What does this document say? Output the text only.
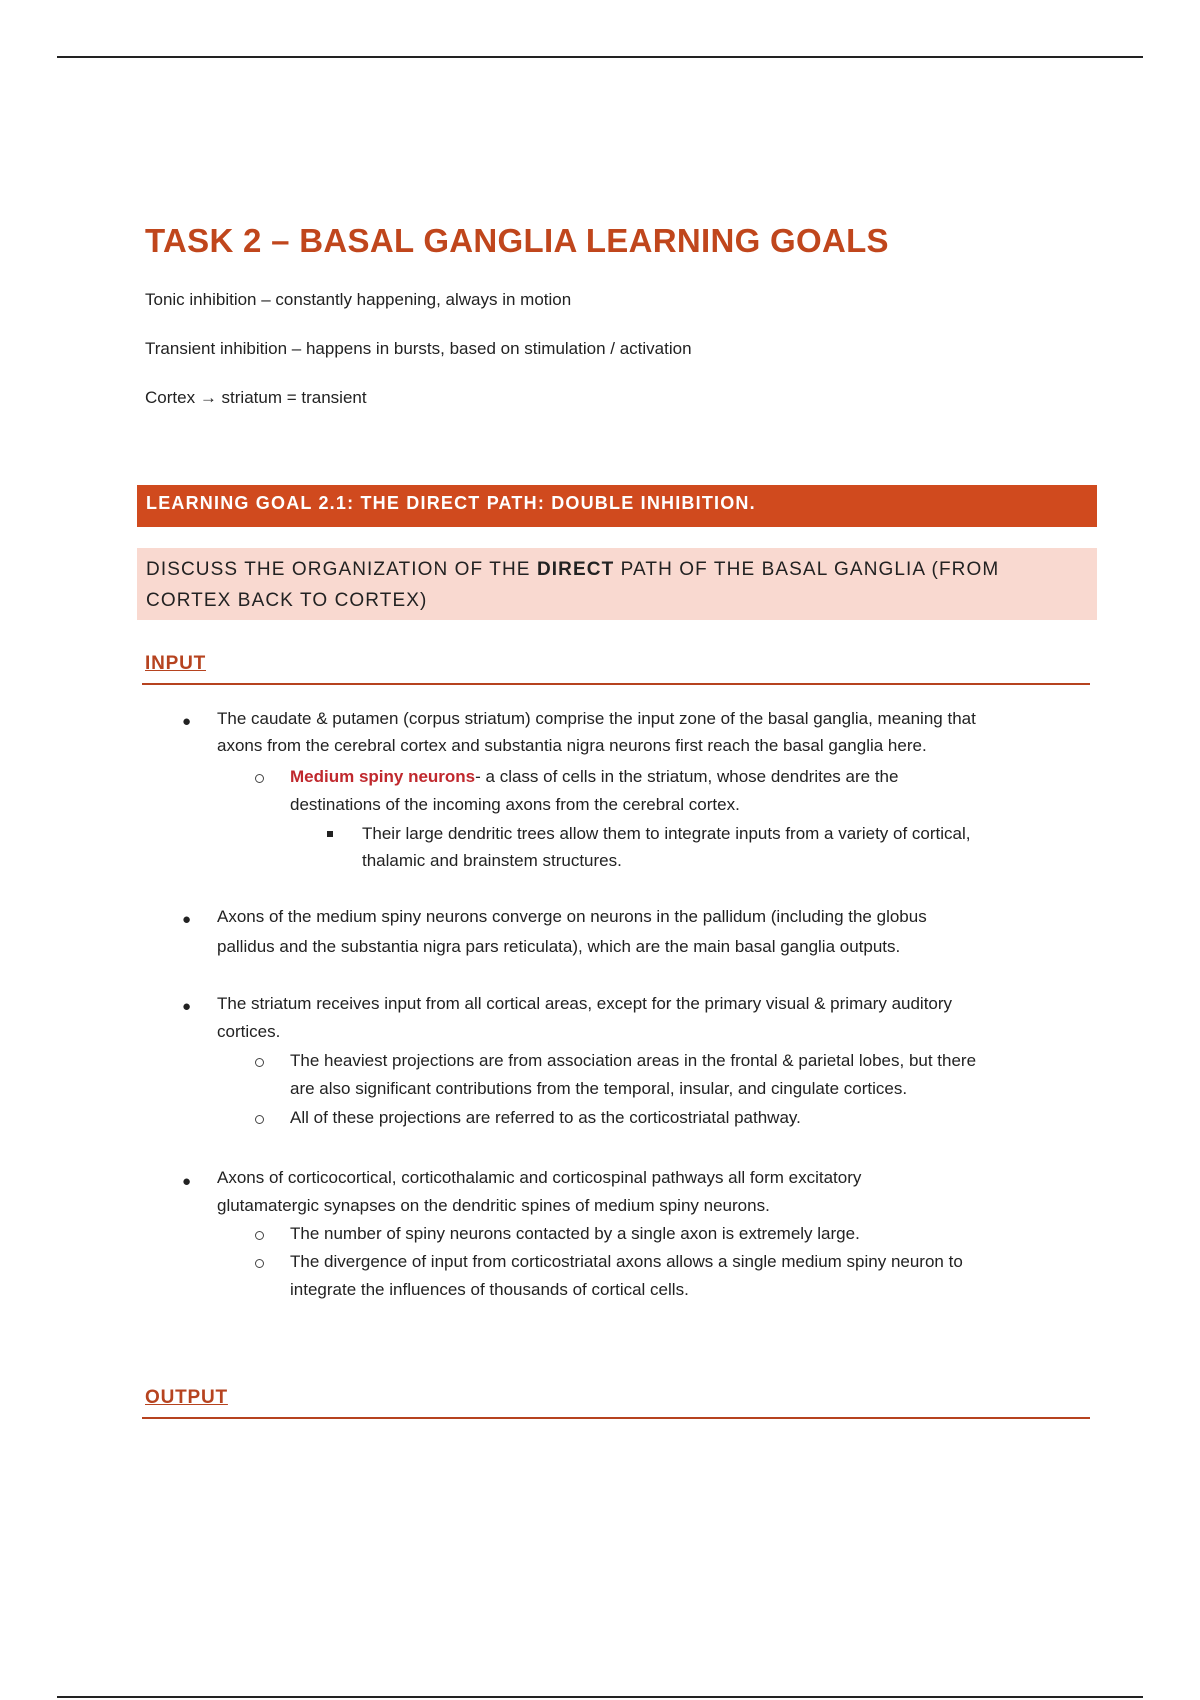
TASK 2 – BASAL GANGLIA LEARNING GOALS
Tonic inhibition – constantly happening, always in motion
Transient inhibition – happens in bursts, based on stimulation / activation
Cortex → striatum = transient
LEARNING GOAL 2.1: THE DIRECT PATH: DOUBLE INHIBITION.
DISCUSS THE ORGANIZATION OF THE DIRECT PATH OF THE BASAL GANGLIA (FROM
CORTEX BACK TO CORTEX)
INPUT
● The caudate & putamen (corpus striatum) comprise the input zone of the basal ganglia, meaning that
axons from the cerebral cortex and substantia nigra neurons first reach the basal ganglia here.
Medium spiny neurons- a class of cells in the striatum, whose dendrites are the
destinations of the incoming axons from the cerebral cortex.
Their large dendritic trees allow them to integrate inputs from a variety of cortical,
thalamic and brainstem structures.
● Axons of the medium spiny neurons converge on neurons in the pallidum (including the globus
pallidus and the substantia nigra pars reticulata), which are the main basal ganglia outputs.
● The striatum receives input from all cortical areas, except for the primary visual & primary auditory
cortices.
The heaviest projections are from association areas in the frontal & parietal lobes, but there
are also significant contributions from the temporal, insular, and cingulate cortices.
All of these projections are referred to as the corticostriatal pathway.
● Axons of corticocortical, corticothalamic and corticospinal pathways all form excitatory
glutamatergic synapses on the dendritic spines of medium spiny neurons.
The number of spiny neurons contacted by a single axon is extremely large.
The divergence of input from corticostriatal axons allows a single medium spiny neuron to
integrate the influences of thousands of cortical cells.
OUTPUT
